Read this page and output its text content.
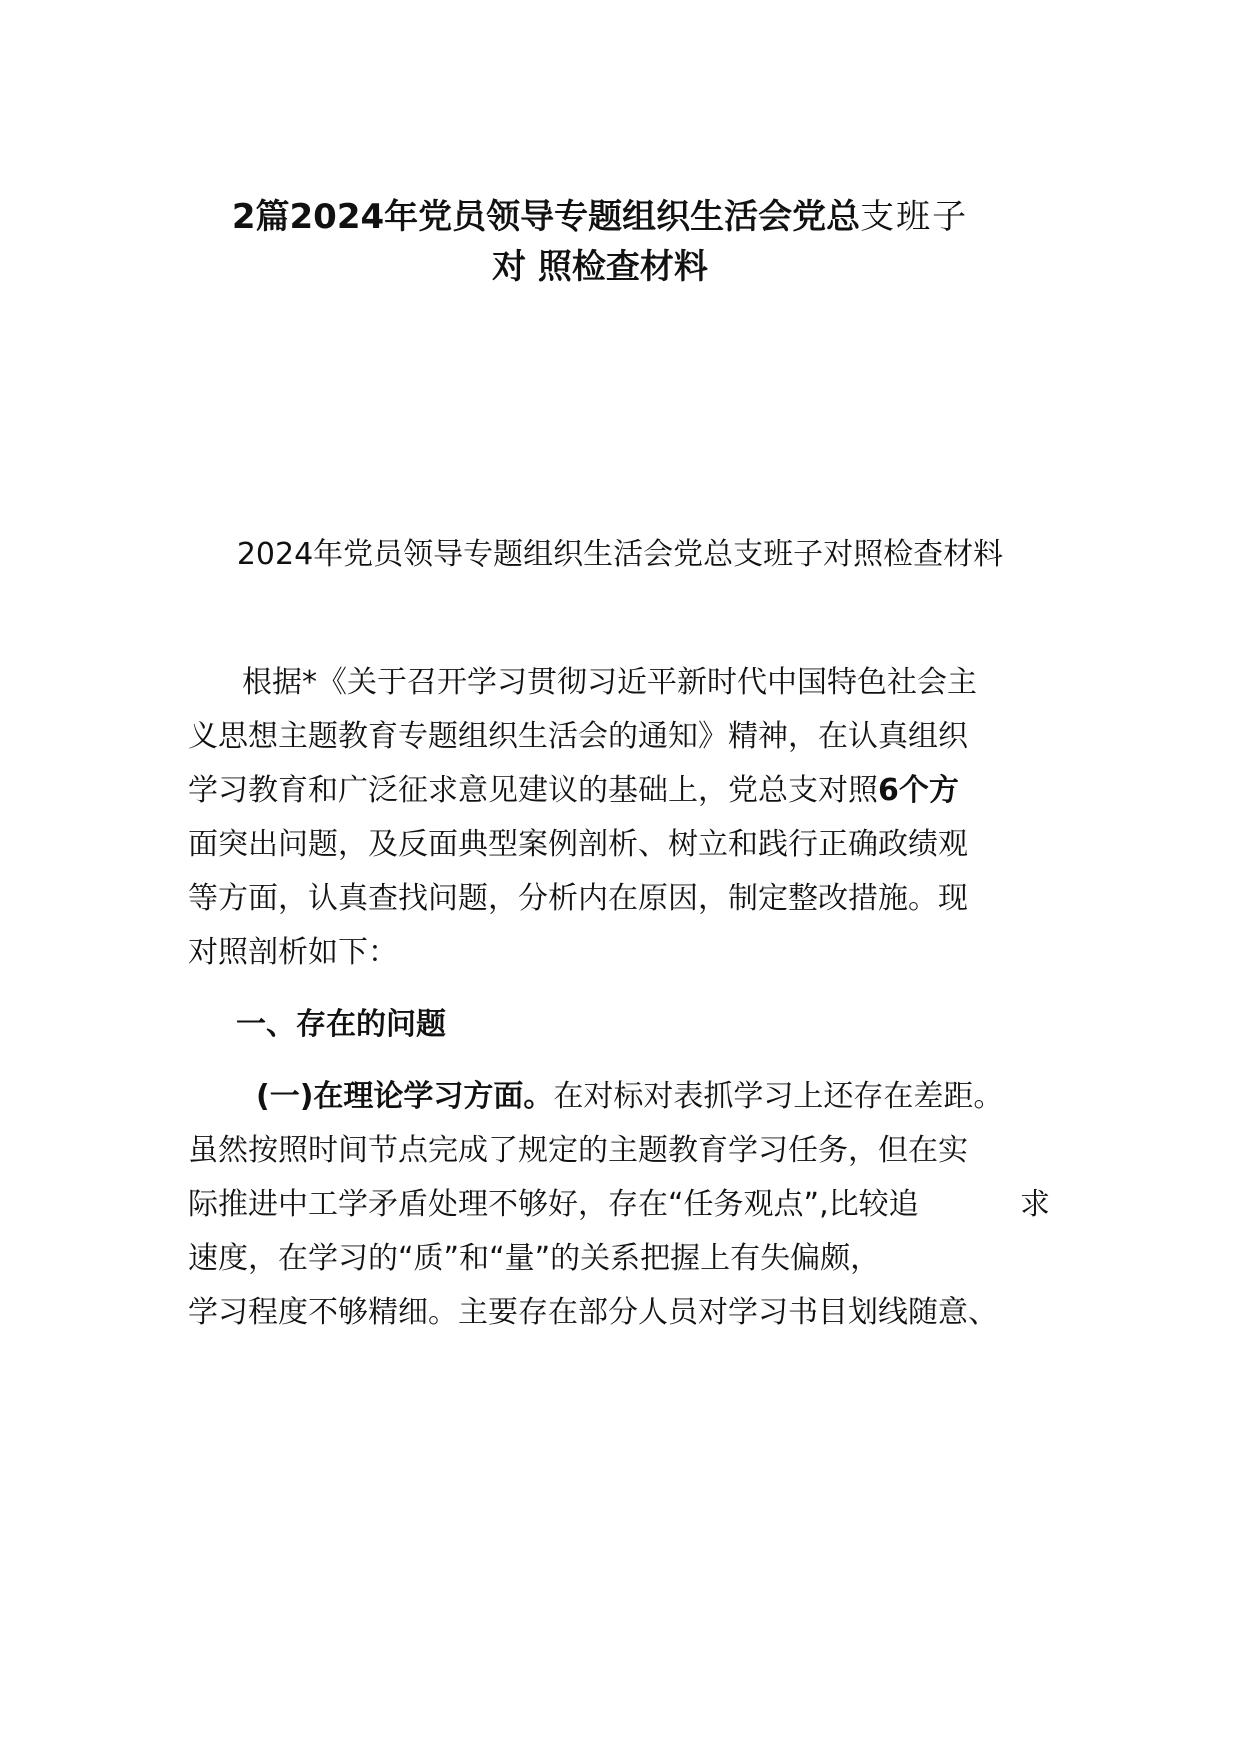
2篇2024年党员领导专题组织生活会党总支班子
对 照检查材料
2024年党员领导专题组织生活会党总支班子对照检查材料

根据*《关于召开学习贯彻习近平新时代中国特色社会主

义思想主题教育专题组织生活会的通知》精神，在认真组织

学习教育和广泛征求意见建议的基础上，党总支对照6个方

面突出问题，及反面典型案例剖析、树立和践行正确政绩观

等方面，认真查找问题，分析内在原因，制定整改措施。现

对照剖析如下：

一、存在的问题

(一)在理论学习方面。在对标对表抓学习上还存在差距。

虽然按照时间节点完成了规定的主题教育学习任务，但在实

际推进中工学矛盾处理不够好，存在“任务观点”,比较追	求

速度，在学习的“质”和“量”的关系把握上有失偏颇，

学习程度不够精细。主要存在部分人员对学习书目划线随意、
